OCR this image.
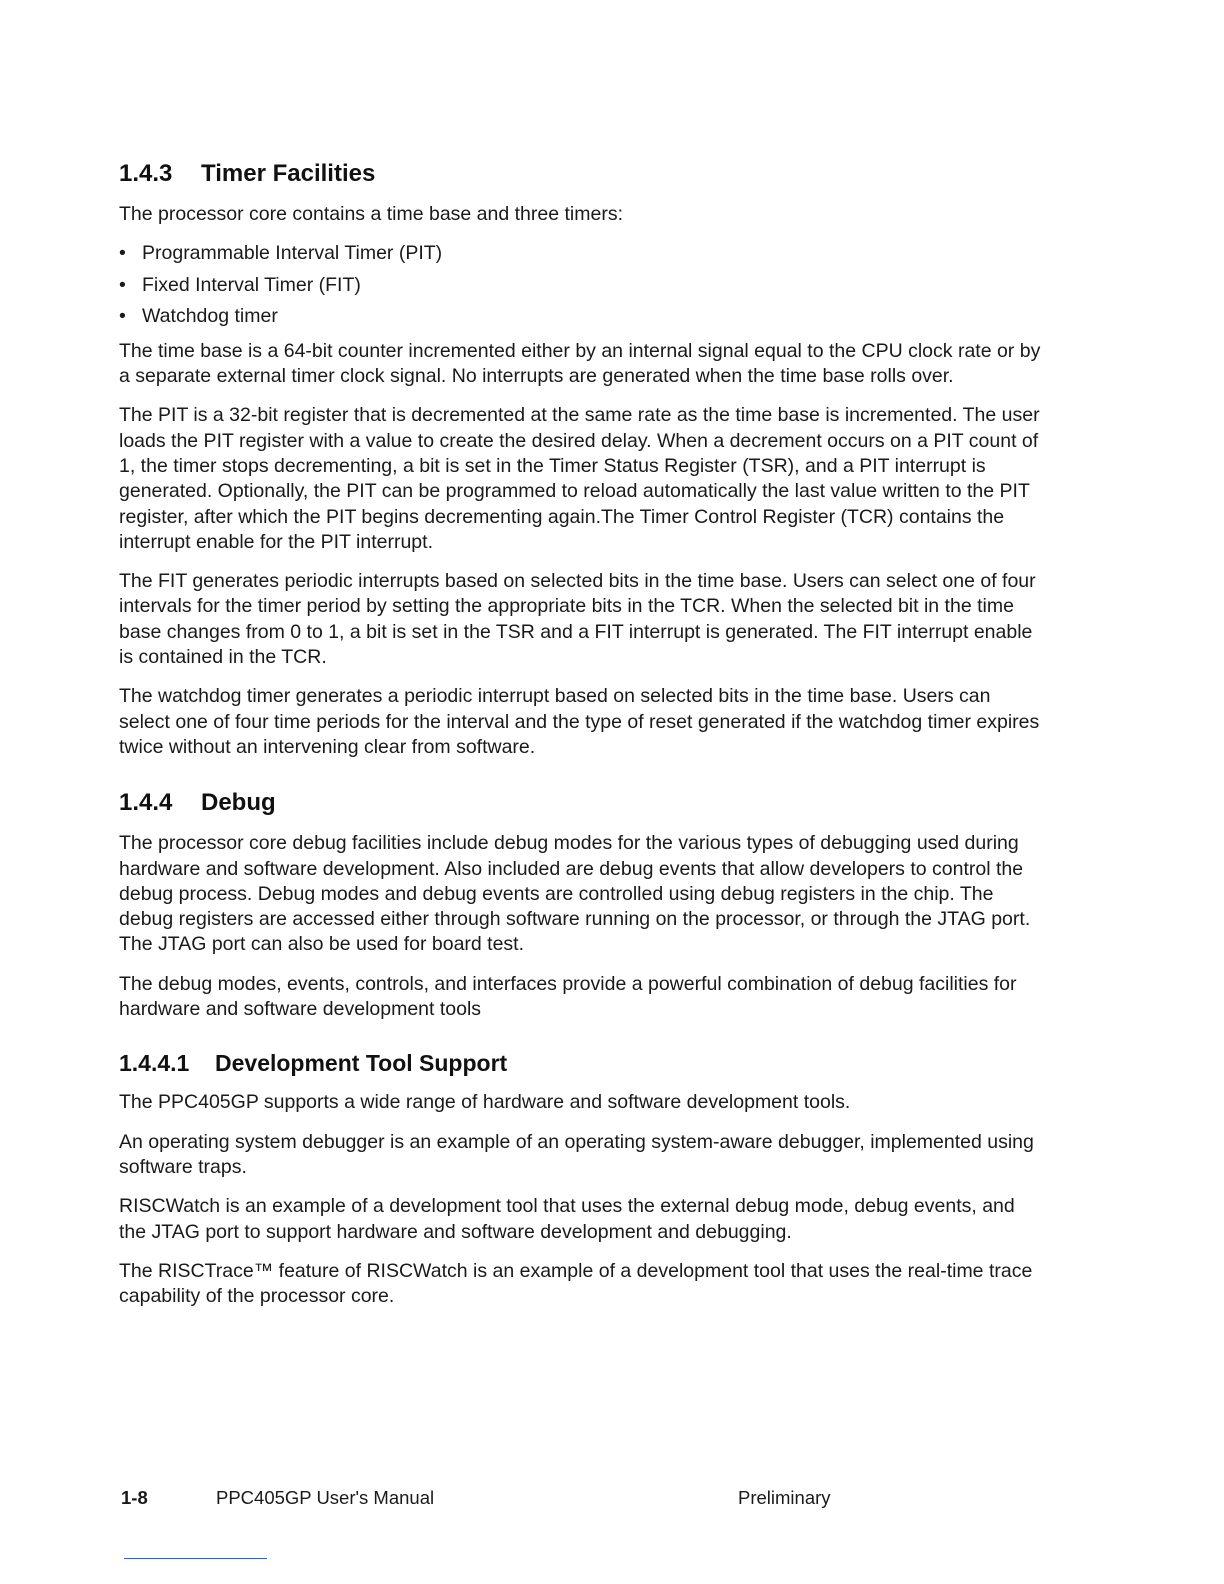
1.4.3 Timer Facilities

The processor core contains a time base and three timers:

• Programmable Interval Timer (PIT)
• Fixed Interval Timer (FIT)
• Watchdog timer

The time base is a 64-bit counter incremented either by an internal signal equal to the CPU clock rate or by a separate external timer clock signal. No interrupts are generated when the time base rolls over.

The PIT is a 32-bit register that is decremented at the same rate as the time base is incremented. The user loads the PIT register with a value to create the desired delay. When a decrement occurs on a PIT count of 1, the timer stops decrementing, a bit is set in the Timer Status Register (TSR), and a PIT interrupt is generated. Optionally, the PIT can be programmed to reload automatically the last value written to the PIT register, after which the PIT begins decrementing again.The Timer Control Register (TCR) contains the interrupt enable for the PIT interrupt.

The FIT generates periodic interrupts based on selected bits in the time base. Users can select one of four intervals for the timer period by setting the appropriate bits in the TCR. When the selected bit in the time base changes from 0 to 1, a bit is set in the TSR and a FIT interrupt is generated. The FIT interrupt enable is contained in the TCR.

The watchdog timer generates a periodic interrupt based on selected bits in the time base. Users can select one of four time periods for the interval and the type of reset generated if the watchdog timer expires twice without an intervening clear from software.

1.4.4 Debug

The processor core debug facilities include debug modes for the various types of debugging used during hardware and software development. Also included are debug events that allow developers to control the debug process. Debug modes and debug events are controlled using debug registers in the chip. The debug registers are accessed either through software running on the processor, or through the JTAG port. The JTAG port can also be used for board test.

The debug modes, events, controls, and interfaces provide a powerful combination of debug facilities for hardware and software development tools

1.4.4.1 Development Tool Support

The PPC405GP supports a wide range of hardware and software development tools.

An operating system debugger is an example of an operating system-aware debugger, implemented using software traps.

RISCWatch is an example of a development tool that uses the external debug mode, debug events, and the JTAG port to support hardware and software development and debugging.

The RISCTrace™ feature of RISCWatch is an example of a development tool that uses the real-time trace capability of the processor core.

1-8	PPC405GP User's Manual	Preliminary
